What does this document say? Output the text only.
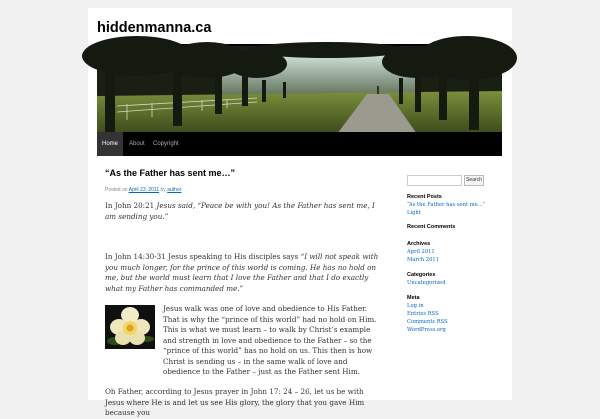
hiddenmanna.ca
Home	About	Copyright
“As the Father has sent me…”
Posted on April 23, 2011 by author
In John 20:21 Jesus said, “Peace be with you! As the Father has sent me, I am sending you.”
In John 14:30-31 Jesus speaking to His disciples says “I will not speak with you much longer, for the prince of this world is coming. He has no hold on me, but the world must learn that I love the Father and that I do exactly what my Father has commanded me.”
Jesus walk was one of love and obedience to His Father. That is why the “prince of this world” had no hold on Him. This is what we must learn – to walk by Christ’s example and strength in love and obedience to the Father – so the “prince of this world” has no hold on us. This then is how Christ is sending us – in the same walk of love and obedience to the Father – just as the Father sent Him.
Oh Father, according to Jesus prayer in John 17: 24 – 26, let us be with Jesus where He is and let us see His glory, the glory that you gave Him because you
Search
Recent Posts
“As the Father has sent me…”
Light
Recent Comments
Archives
April 2011
March 2011
Categories
Uncategorized
Meta
Log in
Entries RSS
Comments RSS
WordPress.org
